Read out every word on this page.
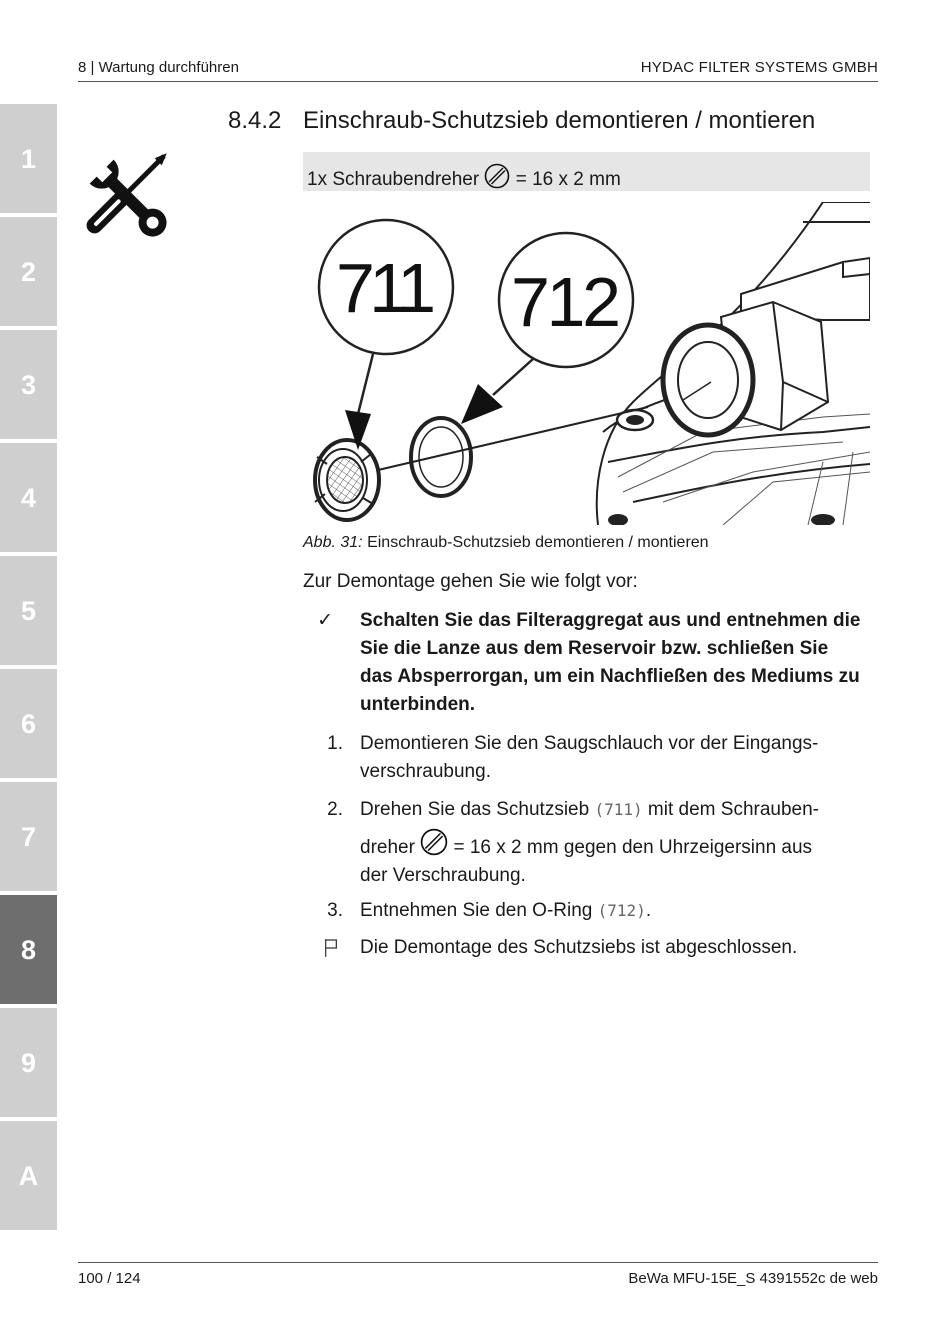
8 | Wartung durchführen	HYDAC FILTER SYSTEMS GMBH
1
2
3
4
5
6
7
8
9
A
8.4.2 Einschraub-Schutzsieb demontieren / montieren
1x Schraubendreher = 16 x 2 mm
711 712
Abb. 31: Einschraub-Schutzsieb demontieren / montieren
Zur Demontage gehen Sie wie folgt vor:
✓ Schalten Sie das Filteraggregat aus und entnehmen die
Sie die Lanze aus dem Reservoir bzw. schließen Sie
das Absperrorgan, um ein Nachfließen des Mediums zu
unterbinden.
1. Demontieren Sie den Saugschlauch vor der Eingangs-
verschraubung.
2. Drehen Sie das Schutzsieb (711) mit dem Schrauben-
dreher = 16 x 2 mm gegen den Uhrzeigersinn aus
der Verschraubung.
3. Entnehmen Sie den O-Ring (712).
Die Demontage des Schutzsiebs ist abgeschlossen.
100 / 124	BeWa MFU-15E_S 4391552c de web
